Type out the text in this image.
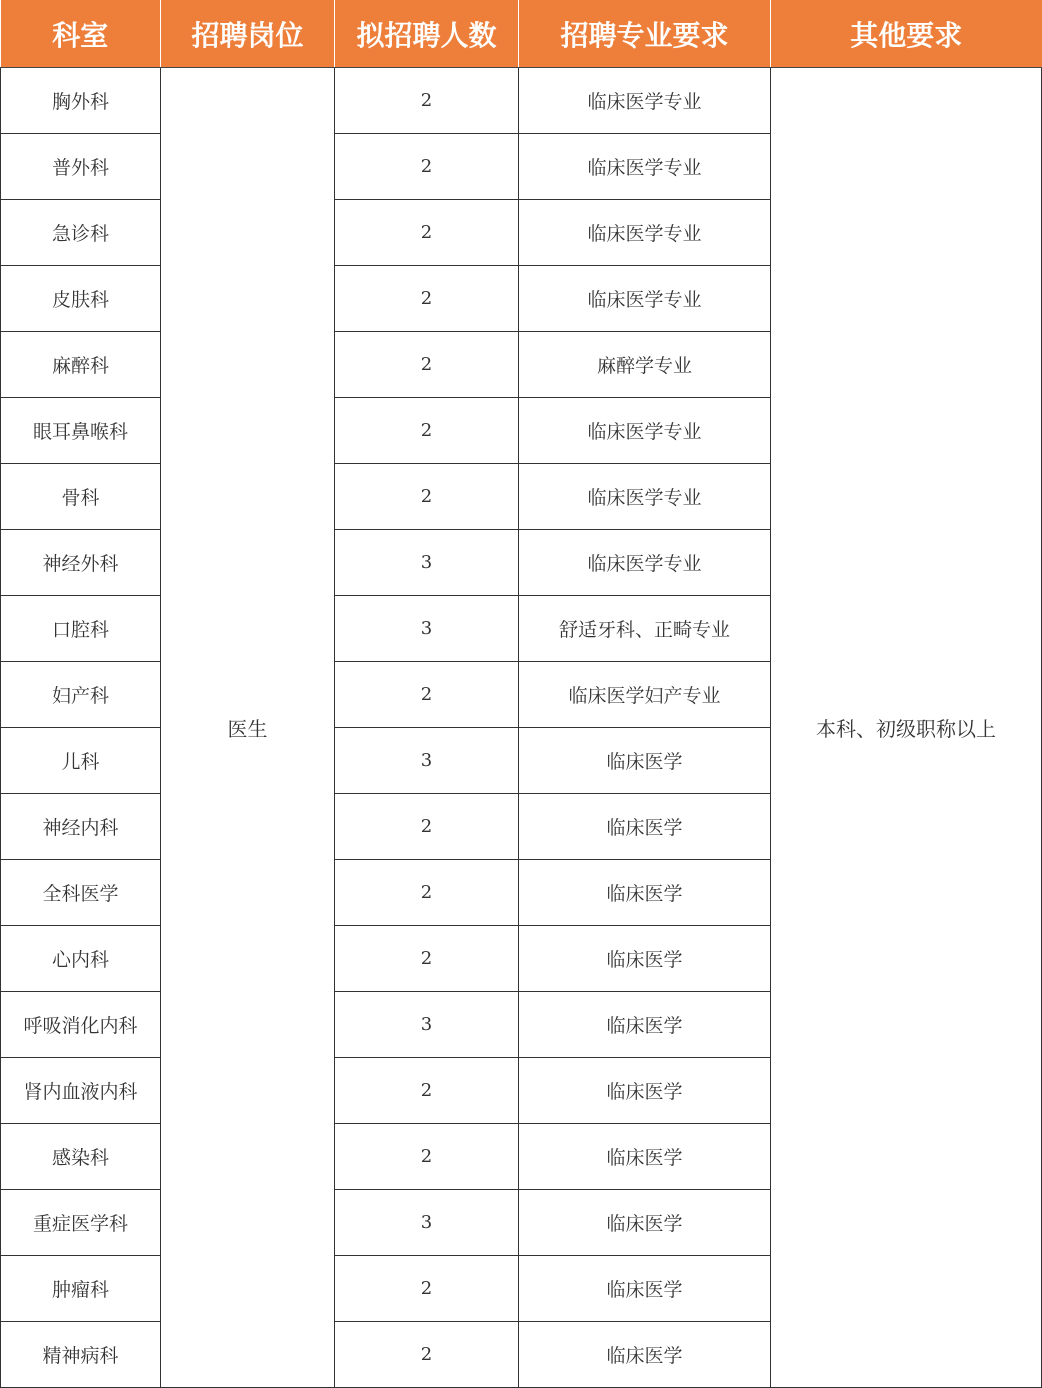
科室	招聘岗位	拟招聘人数	招聘专业要求	其他要求
胸外科	医生	2	临床医学专业	本科、初级职称以上
普外科		2	临床医学专业	
急诊科		2	临床医学专业	
皮肤科		2	临床医学专业	
麻醉科		2	麻醉学专业	
眼耳鼻喉科		2	临床医学专业	
骨科		2	临床医学专业	
神经外科		3	临床医学专业	
口腔科		3	舒适牙科、正畸专业	
妇产科		2	临床医学妇产专业	
儿科		3	临床医学	
神经内科		2	临床医学	
全科医学		2	临床医学	
心内科		2	临床医学	
呼吸消化内科		3	临床医学	
肾内血液内科		2	临床医学	
感染科		2	临床医学	
重症医学科		3	临床医学	
肿瘤科		2	临床医学	
精神病科		2	临床医学	
